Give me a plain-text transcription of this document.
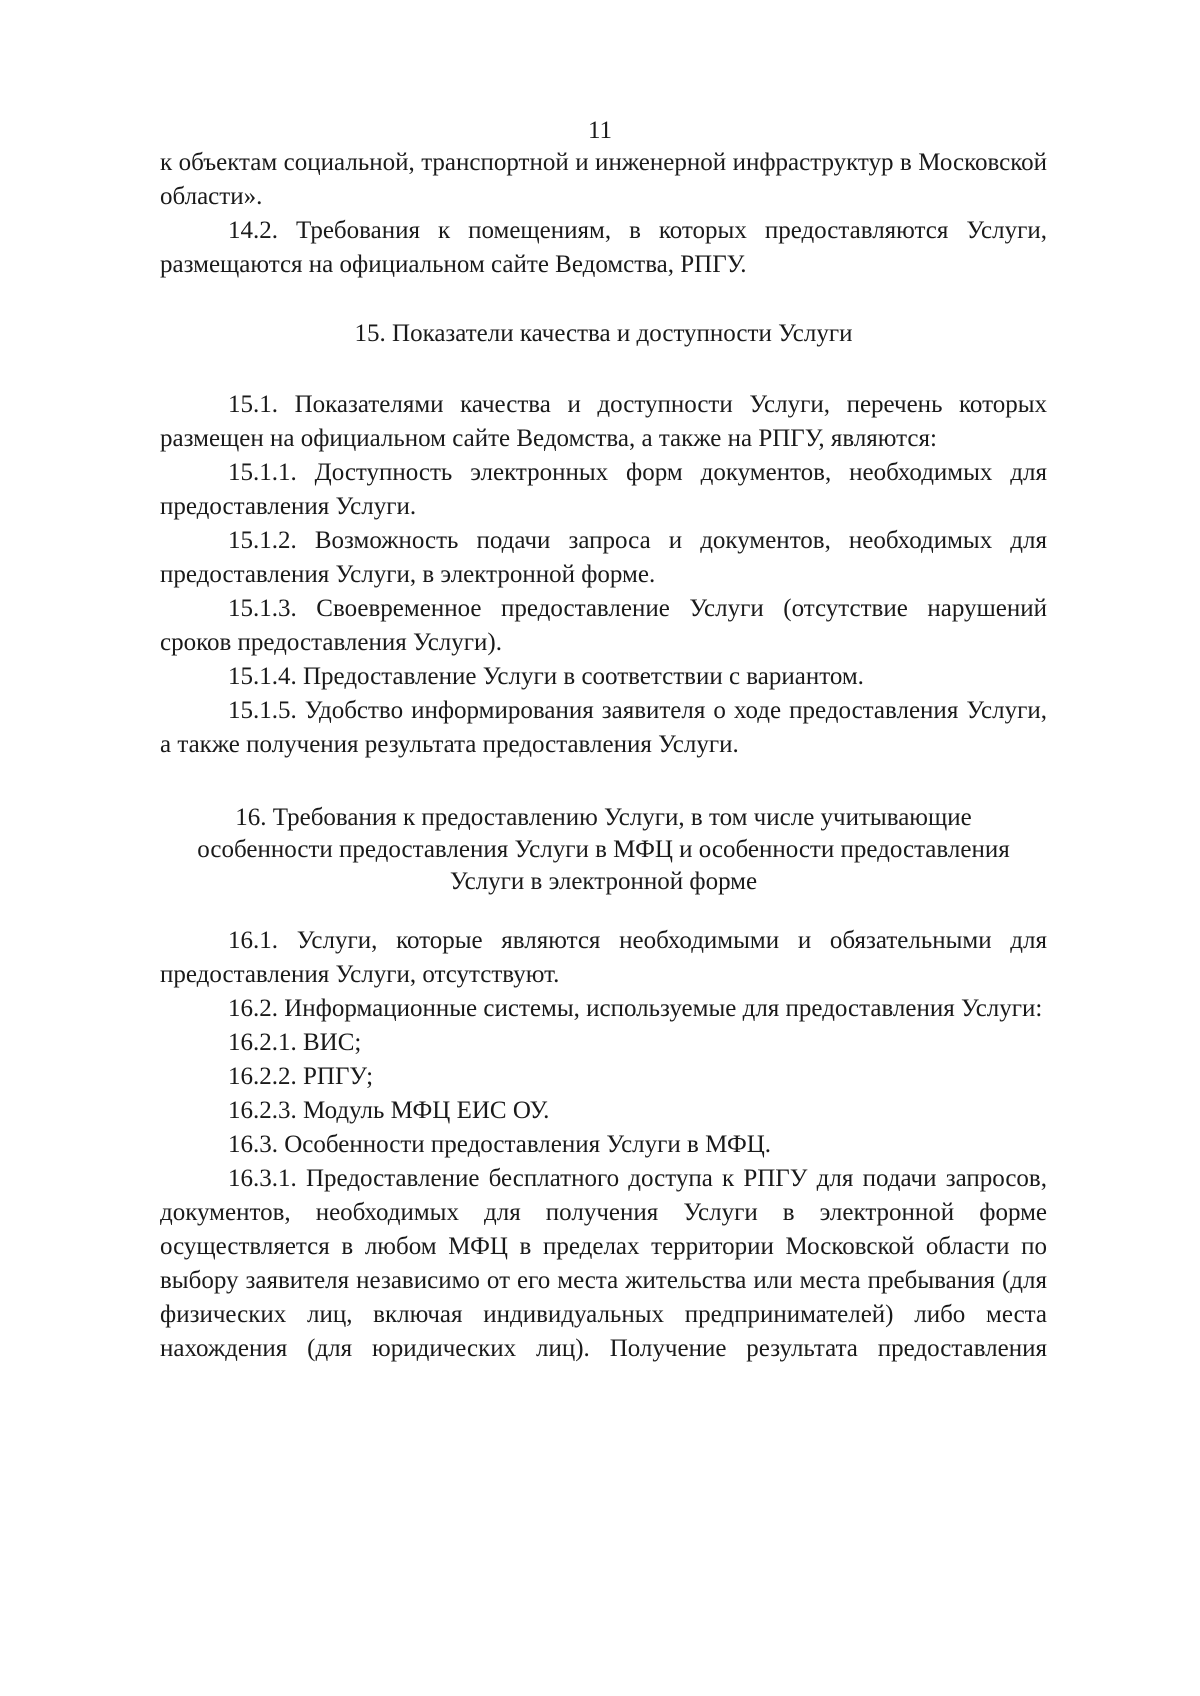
11

к объектам социальной, транспортной и инженерной инфраструктур в Московской области».

14.2. Требования к помещениям, в которых предоставляются Услуги, размещаются на официальном сайте Ведомства, РПГУ.

15. Показатели качества и доступности Услуги

15.1. Показателями качества и доступности Услуги, перечень которых размещен на официальном сайте Ведомства, а также на РПГУ, являются:

15.1.1. Доступность электронных форм документов, необходимых для предоставления Услуги.

15.1.2. Возможность подачи запроса и документов, необходимых для предоставления Услуги, в электронной форме.

15.1.3. Своевременное предоставление Услуги (отсутствие нарушений сроков предоставления Услуги).

15.1.4. Предоставление Услуги в соответствии с вариантом.

15.1.5. Удобство информирования заявителя о ходе предоставления Услуги, а также получения результата предоставления Услуги.

16. Требования к предоставлению Услуги, в том числе учитывающие особенности предоставления Услуги в МФЦ и особенности предоставления Услуги в электронной форме

16.1. Услуги, которые являются необходимыми и обязательными для предоставления Услуги, отсутствуют.

16.2. Информационные системы, используемые для предоставления Услуги:

16.2.1. ВИС;

16.2.2. РПГУ;

16.2.3. Модуль МФЦ ЕИС ОУ.

16.3. Особенности предоставления Услуги в МФЦ.

16.3.1. Предоставление бесплатного доступа к РПГУ для подачи запросов, документов, необходимых для получения Услуги в электронной форме осуществляется в любом МФЦ в пределах территории Московской области по выбору заявителя независимо от его места жительства или места пребывания (для физических лиц, включая индивидуальных предпринимателей) либо места нахождения (для юридических лиц). Получение результата предоставления
